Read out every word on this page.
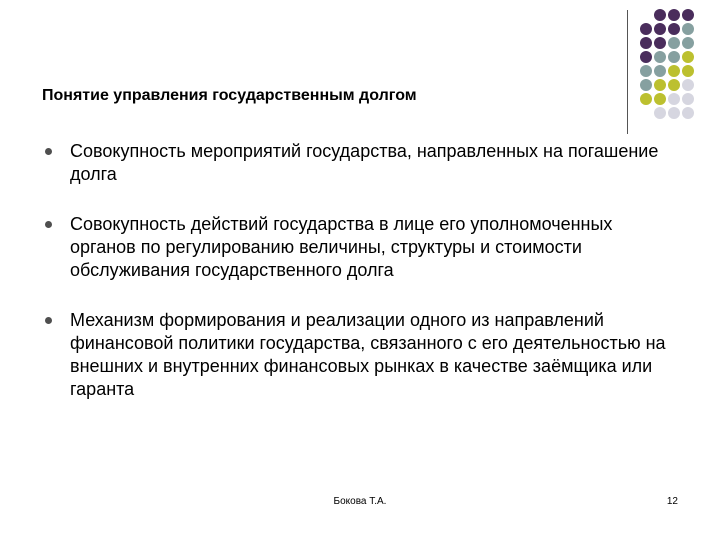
Понятие управления государственным долгом
Совокупность мероприятий государства, направленных на погашение долга
Совокупность действий государства в лице его уполномоченных органов по регулированию величины, структуры и стоимости обслуживания государственного долга
Механизм формирования и реализации одного из направлений финансовой политики государства, связанного с его деятельностью на внешних и внутренних финансовых рынках в качестве заёмщика или гаранта
Бокова Т.А.	12
